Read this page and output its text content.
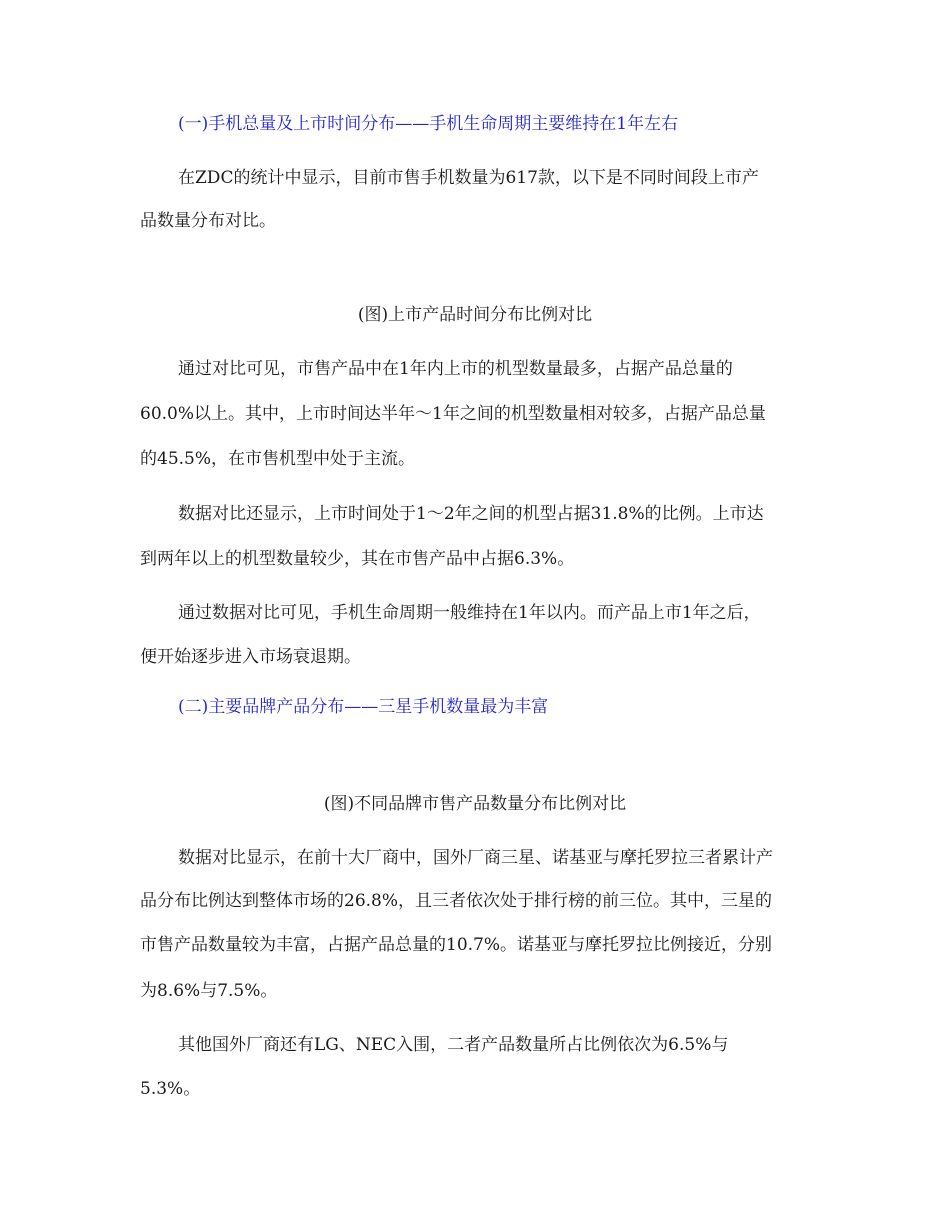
(一)手机总量及上市时间分布——手机生命周期主要维持在1年左右
在ZDC的统计中显示，目前市售手机数量为617款，以下是不同时间段上市产
品数量分布对比。
(图)上市产品时间分布比例对比
通过对比可见，市售产品中在1年内上市的机型数量最多，占据产品总量的
60.0%以上。其中，上市时间达半年～1年之间的机型数量相对较多，占据产品总量
的45.5%，在市售机型中处于主流。
数据对比还显示，上市时间处于1～2年之间的机型占据31.8%的比例。上市达
到两年以上的机型数量较少，其在市售产品中占据6.3%。
通过数据对比可见，手机生命周期一般维持在1年以内。而产品上市1年之后，
便开始逐步进入市场衰退期。
(二)主要品牌产品分布——三星手机数量最为丰富
(图)不同品牌市售产品数量分布比例对比
数据对比显示，在前十大厂商中，国外厂商三星、诺基亚与摩托罗拉三者累计产
品分布比例达到整体市场的26.8%，且三者依次处于排行榜的前三位。其中，三星的
市售产品数量较为丰富，占据产品总量的10.7%。诺基亚与摩托罗拉比例接近，分别
为8.6%与7.5%。
其他国外厂商还有LG、NEC入围，二者产品数量所占比例依次为6.5%与
5.3%。
